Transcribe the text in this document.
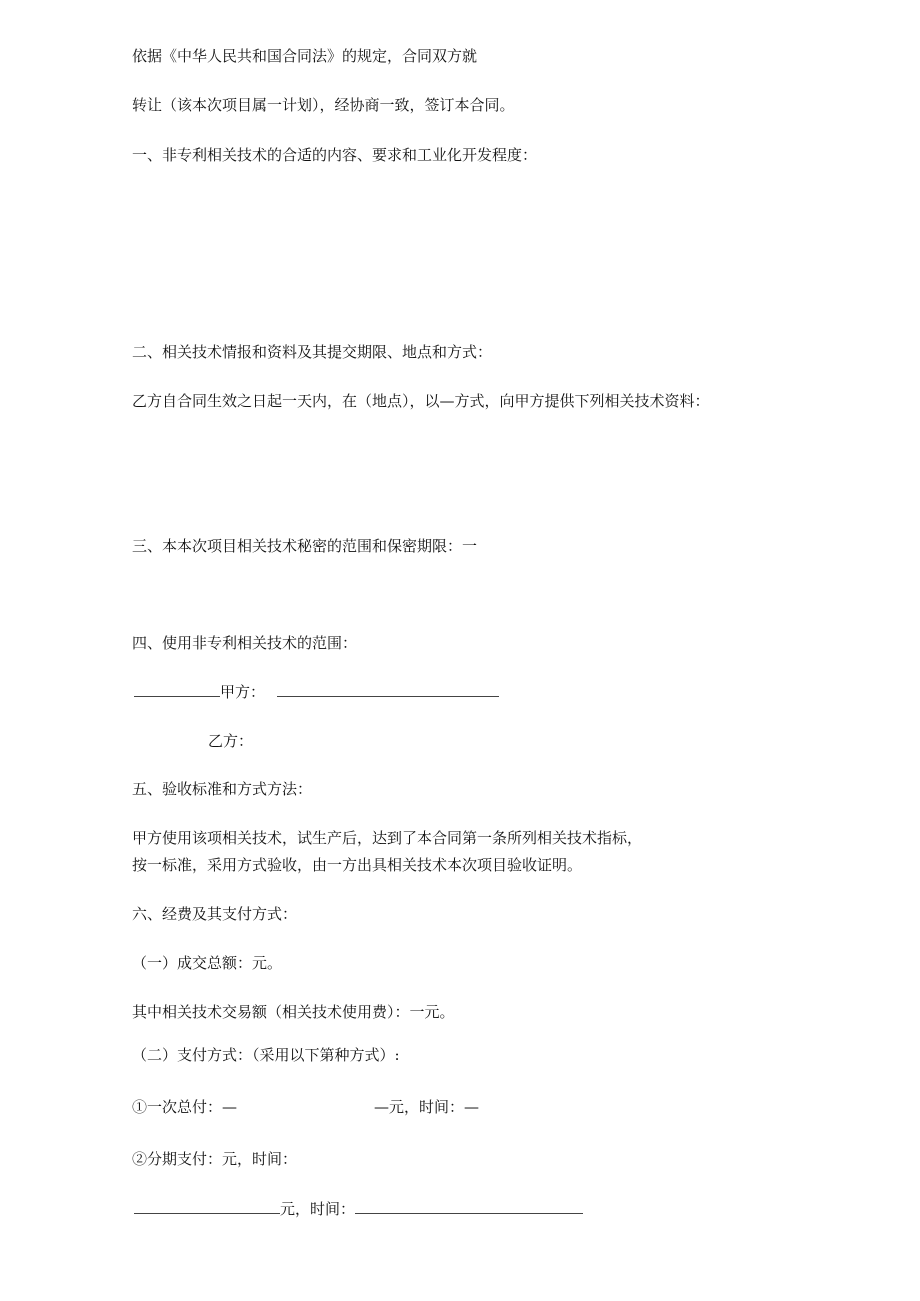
依据《中华人民共和国合同法》的规定，合同双方就
转让（该本次项目属一计划），经协商一致，签订本合同。
一、非专利相关技术的合适的内容、要求和工业化开发程度：
二、相关技术情报和资料及其提交期限、地点和方式：
乙方自合同生效之日起一天内，在（地点），以—方式，向甲方提供下列相关技术资料：
三、本本次项目相关技术秘密的范围和保密期限：一
四、使用非专利相关技术的范围：
甲方：
乙方：
五、验收标准和方式方法：
甲方使用该项相关技术，试生产后，达到了本合同第一条所列相关技术指标，
按一标准，采用方式验收，由一方出具相关技术本次项目验收证明。
六、经费及其支付方式：
（一）成交总额：元。
其中相关技术交易额（相关技术使用费）：一元。
（二）支付方式：（采用以下第种方式）:
①一次总付：—	—元，时间：—
②分期支付：元，时间：
元，时间：
